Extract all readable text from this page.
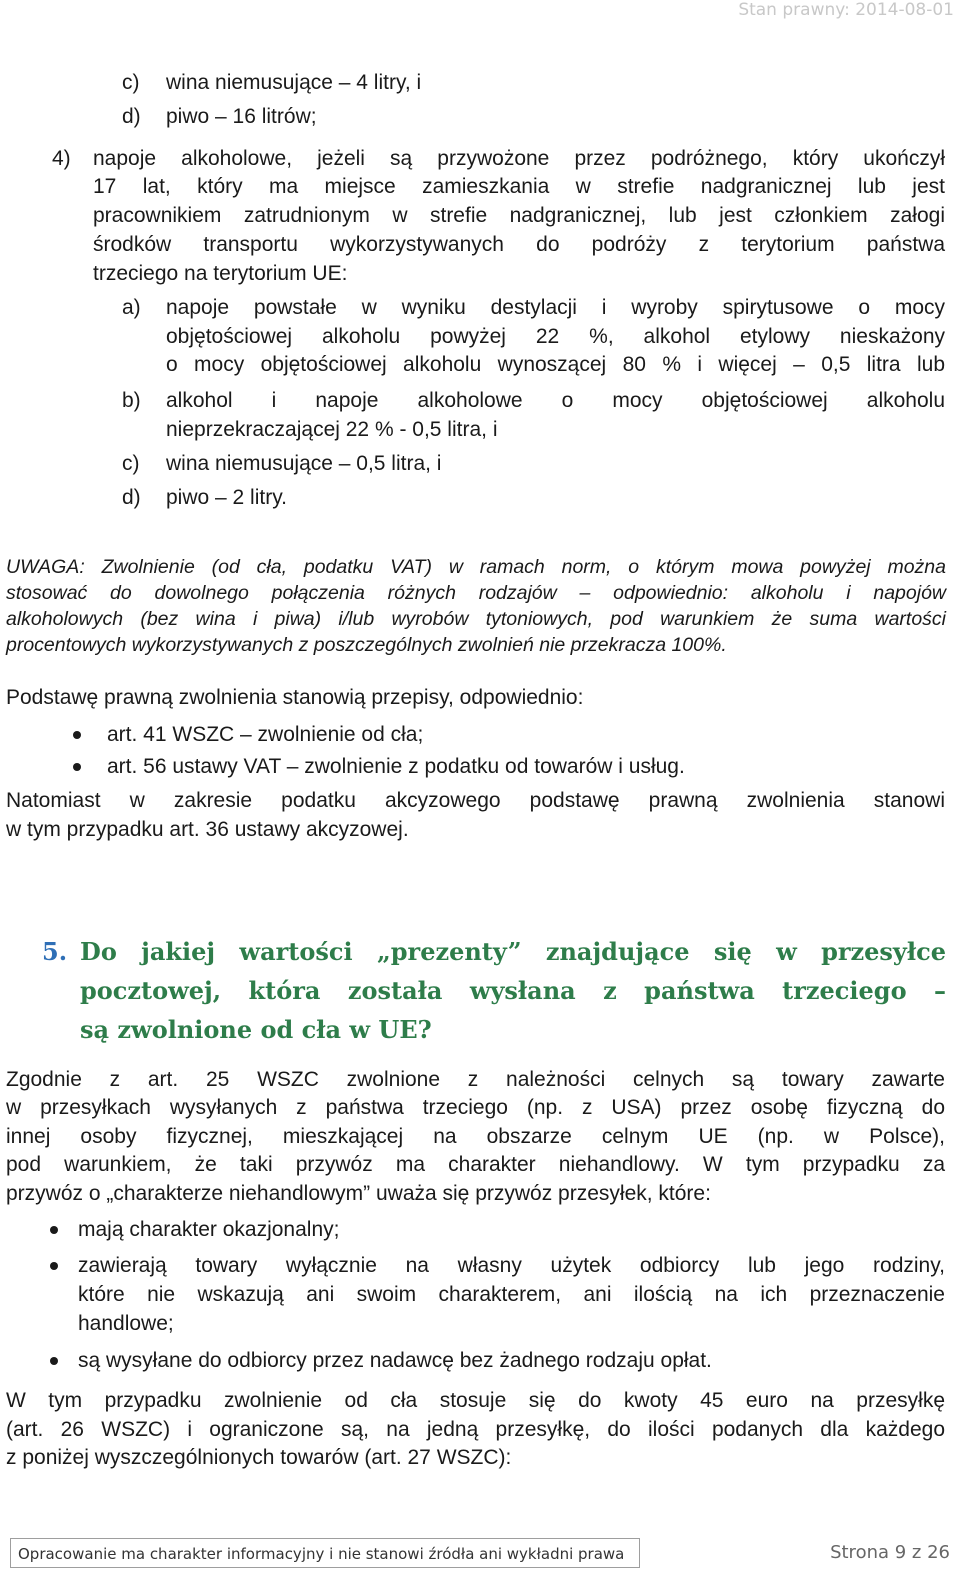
Stan prawny: 2014-08-01
c) wina niemusujące – 4 litry, i
d) piwo – 16 litrów;
4) napoje alkoholowe, jeżeli są przywożone przez podróżnego, który ukończył
17 lat, który ma miejsce zamieszkania w strefie nadgranicznej lub jest
pracownikiem zatrudnionym w strefie nadgranicznej, lub jest członkiem załogi
środków transportu wykorzystywanych do podróży z terytorium państwa
trzeciego na terytorium UE:
a) napoje powstałe w wyniku destylacji i wyroby spirytusowe o mocy
objętościowej alkoholu powyżej 22 %, alkohol etylowy nieskażony
o mocy objętościowej alkoholu wynoszącej 80 % i więcej – 0,5 litra lub
b) alkohol i napoje alkoholowe o mocy objętościowej alkoholu
nieprzekraczającej 22 % - 0,5 litra, i
c) wina niemusujące – 0,5 litra, i
d) piwo – 2 litry.
UWAGA: Zwolnienie (od cła, podatku VAT) w ramach norm, o którym mowa powyżej można
stosować do dowolnego połączenia różnych rodzajów – odpowiednio: alkoholu i napojów
alkoholowych (bez wina i piwa) i/lub wyrobów tytoniowych, pod warunkiem że suma wartości
procentowych wykorzystywanych z poszczególnych zwolnień nie przekracza 100%.
Podstawę prawną zwolnienia stanowią przepisy, odpowiednio:
art. 41 WSZC – zwolnienie od cła;
art. 56 ustawy VAT – zwolnienie z podatku od towarów i usług.
Natomiast w zakresie podatku akcyzowego podstawę prawną zwolnienia stanowi
w tym przypadku art. 36 ustawy akcyzowej.
5. Do jakiej wartości „prezenty” znajdujące się w przesyłce
pocztowej, która została wysłana z państwa trzeciego –
są zwolnione od cła w UE?
Zgodnie z art. 25 WSZC zwolnione z należności celnych są towary zawarte
w przesyłkach wysyłanych z państwa trzeciego (np. z USA) przez osobę fizyczną do
innej osoby fizycznej, mieszkającej na obszarze celnym UE (np. w Polsce),
pod warunkiem, że taki przywóz ma charakter niehandlowy. W tym przypadku za
przywóz o „charakterze niehandlowym” uważa się przywóz przesyłek, które:
mają charakter okazjonalny;
zawierają towary wyłącznie na własny użytek odbiorcy lub jego rodziny,
które nie wskazują ani swoim charakterem, ani ilością na ich przeznaczenie
handlowe;
są wysyłane do odbiorcy przez nadawcę bez żadnego rodzaju opłat.
W tym przypadku zwolnienie od cła stosuje się do kwoty 45 euro na przesyłkę
(art. 26 WSZC) i ograniczone są, na jedną przesyłkę, do ilości podanych dla każdego
z poniżej wyszczególnionych towarów (art. 27 WSZC):
Opracowanie ma charakter informacyjny i nie stanowi źródła ani wykładni prawa	Strona 9 z 26
